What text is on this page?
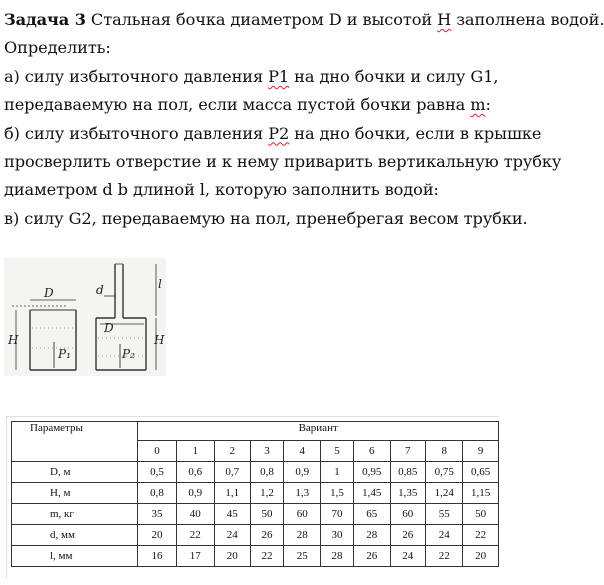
Задача 3 Стальная бочка диаметром D и высотой Н заполнена водой.
Определить:
а) силу избыточного давления Р1 на дно бочки и силу G1,
передаваемую на пол, если масса пустой бочки равна m:
б) силу избыточного давления Р2 на дно бочки, если в крышке
просверлить отверстие и к нему приварить вертикальную трубку
диаметром d b длиной l, которую заполнить водой:
в) силу G2, передаваемую на пол, пренебрегая весом трубки.
D
H
P₁
d
D
l
H
P₂
Параметры	Вариант									
	0	1	2	3	4	5	6	7	8	9
D, м	0,5	0,6	0,7	0,8	0,9	1	0,95	0,85	0,75	0,65
H, м	0,8	0,9	1,1	1,2	1,3	1,5	1,45	1,35	1,24	1,15
m, кг	35	40	45	50	60	70	65	60	55	50
d, мм	20	22	24	26	28	30	28	26	24	22
l, мм	16	17	20	22	25	28	26	24	22	20
